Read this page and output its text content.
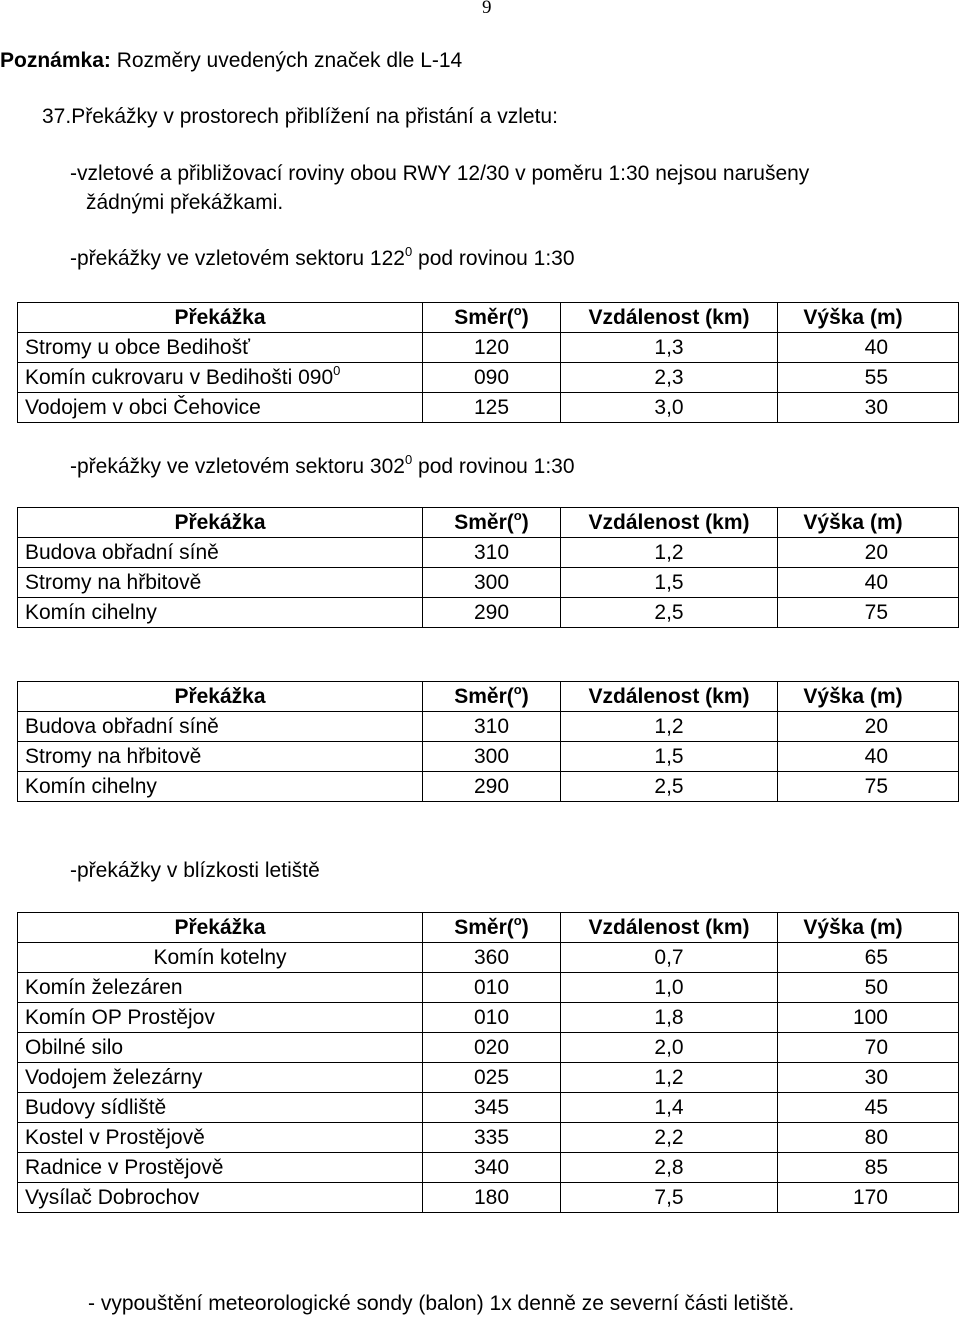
9
Poznámka: Rozměry uvedených značek dle L-14
37.Překážky v prostorech přiblížení na přistání a vzletu:
-vzletové a přibližovací roviny obou RWY 12/30 v poměru 1:30 nejsou narušeny
žádnými překážkami.
-překážky ve vzletovém sektoru $122^0$ pod rovinou 1:30
Překážka	Směr($^o$)	Vzdálenost (km)	Výška (m)
Stromy u obce Bedihošť	120	1,3	40
Komín cukrovaru v Bedihošti $090^0$	090	2,3	55
Vodojem v obci Čehovice	125	3,0	30
-překážky ve vzletovém sektoru $302^0$ pod rovinou 1:30
Překážka	Směr($^o$)	Vzdálenost (km)	Výška (m)
Budova obřadní síně	310	1,2	20
Stromy na hřbitově	300	1,5	40
Komín cihelny	290	2,5	75
Překážka	Směr($^o$)	Vzdálenost (km)	Výška (m)
Budova obřadní síně	310	1,2	20
Stromy na hřbitově	300	1,5	40
Komín cihelny	290	2,5	75
-překážky v blízkosti letiště
Překážka	Směr($^o$)	Vzdálenost (km)	Výška (m)
Komín kotelny	360	0,7	65
Komín železáren	010	1,0	50
Komín OP Prostějov	010	1,8	100
Obilné silo	020	2,0	70
Vodojem železárny	025	1,2	30
Budovy sídliště	345	1,4	45
Kostel v Prostějově	335	2,2	80
Radnice v Prostějově	340	2,8	85
Vysílač Dobrochov	180	7,5	170
- vypouštění meteorologické sondy (balon) 1x denně ze severní části letiště.
